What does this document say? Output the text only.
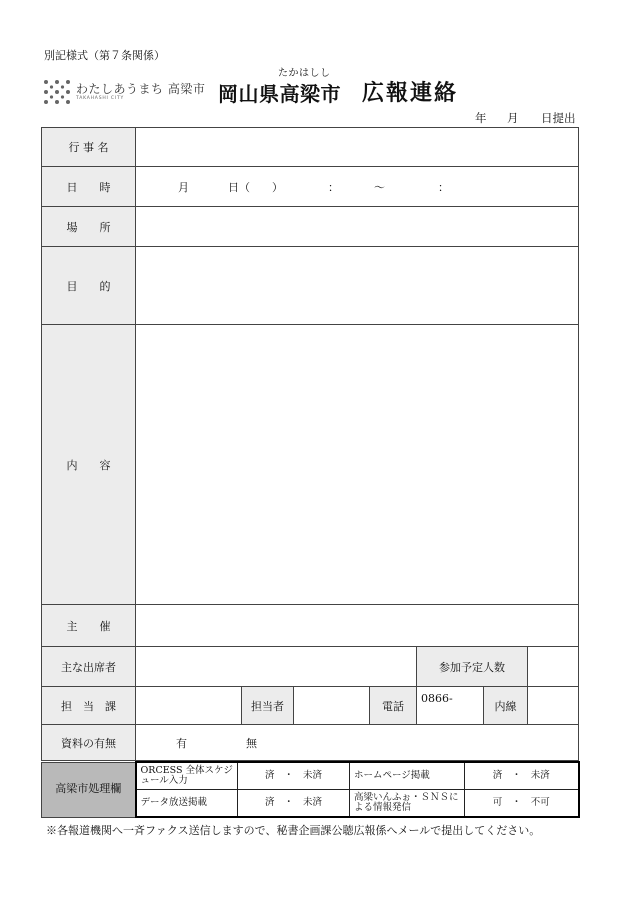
別記様式（第７条関係）
わたしあうまち 高梁市
TAKAHASHI CITY
たかはしし
岡山県高梁市 広報連絡
年 月 日提出
行 事 名							
日　　時	月 日（　　） ： ～ ：						

場　　所							
目　　的							
内　　容							
主　　催							
主な出席者					参加予定人数		
担　当　課		担当者		電話	0866-	内線	
資料の有無	有 無						
高梁市処理欄	ORCESS 全体スケジュール入力	済　・　未済	ホームページ掲載	済　・　未済
	データ放送掲載	済　・　未済	高梁いんふぉ・ＳＮＳによる情報発信	可　・　不可
※各報道機関へ一斉ファクス送信しますので、秘書企画課公聴広報係へメールで提出してください。
